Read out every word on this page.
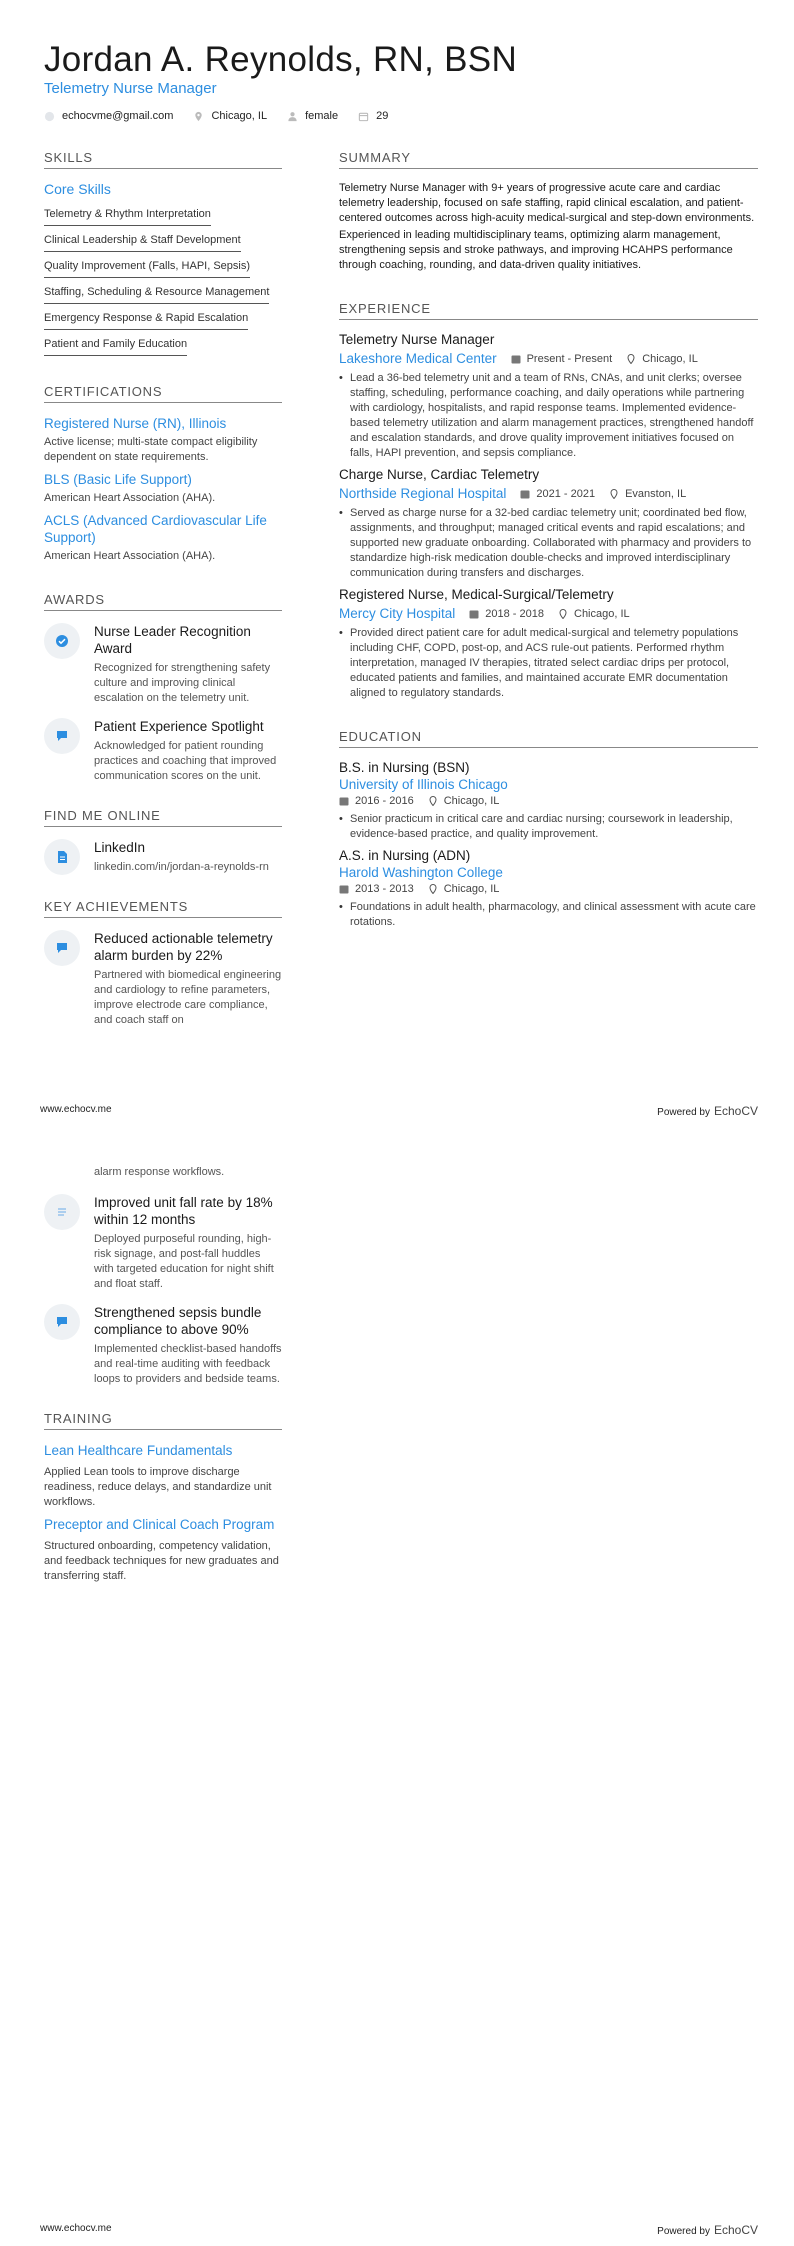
Jordan A. Reynolds, RN, BSN
Telemetry Nurse Manager
echocvme@gmail.com	Chicago, IL	female	29
SKILLS
Core Skills
Telemetry & Rhythm Interpretation
Clinical Leadership & Staff Development
Quality Improvement (Falls, HAPI, Sepsis)
Staffing, Scheduling & Resource Management
Emergency Response & Rapid Escalation
Patient and Family Education
CERTIFICATIONS
Registered Nurse (RN), Illinois
Active license; multi-state compact eligibility dependent on state requirements.
BLS (Basic Life Support)
American Heart Association (AHA).
ACLS (Advanced Cardiovascular Life Support)
American Heart Association (AHA).
AWARDS
Nurse Leader Recognition Award
Recognized for strengthening safety culture and improving clinical escalation on the telemetry unit.
Patient Experience Spotlight
Acknowledged for patient rounding practices and coaching that improved communication scores on the unit.
FIND ME ONLINE
LinkedIn
linkedin.com/in/jordan-a-reynolds-rn
KEY ACHIEVEMENTS
Reduced actionable telemetry alarm burden by 22%
Partnered with biomedical engineering and cardiology to refine parameters, improve electrode care compliance, and coach staff on
SUMMARY

Telemetry Nurse Manager with 9+ years of progressive acute care and cardiac telemetry leadership, focused on safe staffing, rapid clinical escalation, and patient-centered outcomes across high-acuity medical-surgical and step-down environments.

Experienced in leading multidisciplinary teams, optimizing alarm management, strengthening sepsis and stroke pathways, and improving HCAHPS performance through coaching, rounding, and data-driven quality initiatives.

EXPERIENCE
Telemetry Nurse Manager
Lakeshore Medical Center	Present - Present	Chicago, IL
• Lead a 36-bed telemetry unit and a team of RNs, CNAs, and unit clerks; oversee staffing, scheduling, performance coaching, and daily operations while partnering with cardiology, hospitalists, and rapid response teams. Implemented evidence-based telemetry utilization and alarm management practices, strengthened handoff and escalation standards, and drove quality improvement initiatives focused on falls, HAPI prevention, and sepsis compliance.
Charge Nurse, Cardiac Telemetry
Northside Regional Hospital	2021 - 2021	Evanston, IL
• Served as charge nurse for a 32-bed cardiac telemetry unit; coordinated bed flow, assignments, and throughput; managed critical events and rapid escalations; and supported new graduate onboarding. Collaborated with pharmacy and providers to standardize high-risk medication double-checks and improved interdisciplinary communication during transfers and discharges.
Registered Nurse, Medical-Surgical/Telemetry
Mercy City Hospital	2018 - 2018	Chicago, IL
• Provided direct patient care for adult medical-surgical and telemetry populations including CHF, COPD, post-op, and ACS rule-out patients. Performed rhythm interpretation, managed IV therapies, titrated select cardiac drips per protocol, educated patients and families, and maintained accurate EMR documentation aligned to regulatory standards.
EDUCATION
B.S. in Nursing (BSN)
University of Illinois Chicago
2016 - 2016	Chicago, IL
• Senior practicum in critical care and cardiac nursing; coursework in leadership, evidence-based practice, and quality improvement.
A.S. in Nursing (ADN)
Harold Washington College
2013 - 2013	Chicago, IL
• Foundations in adult health, pharmacology, and clinical assessment with acute care rotations.
www.echocv.me	Powered by EchoCV
alarm response workflows.
Improved unit fall rate by 18% within 12 months
Deployed purposeful rounding, high-risk signage, and post-fall huddles with targeted education for night shift and float staff.
Strengthened sepsis bundle compliance to above 90%
Implemented checklist-based handoffs and real-time auditing with feedback loops to providers and bedside teams.
TRAINING
Lean Healthcare Fundamentals
Applied Lean tools to improve discharge readiness, reduce delays, and standardize unit workflows.
Preceptor and Clinical Coach Program
Structured onboarding, competency validation, and feedback techniques for new graduates and transferring staff.
www.echocv.me	Powered by EchoCV
